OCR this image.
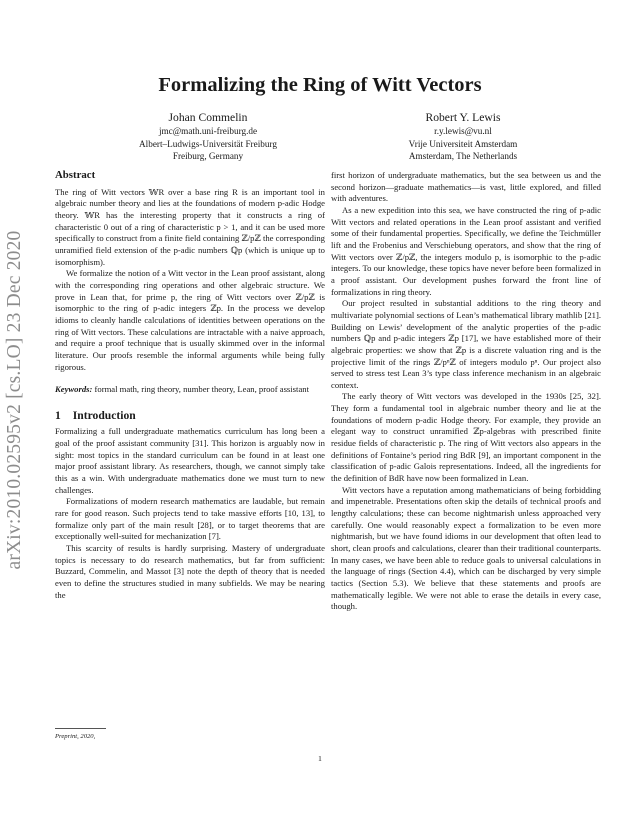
arXiv:2010.02595v2 [cs.LO] 23 Dec 2020
Formalizing the Ring of Witt Vectors
Johan Commelin
jmc@math.uni-freiburg.de
Albert–Ludwigs-Universität Freiburg
Freiburg, Germany
Robert Y. Lewis
r.y.lewis@vu.nl
Vrije Universiteit Amsterdam
Amsterdam, The Netherlands
Abstract

The ring of Witt vectors 𝕎R over a base ring R is an important tool in algebraic number theory and lies at the foundations of modern p-adic Hodge theory. 𝕎R has the interesting property that it constructs a ring of characteristic 0 out of a ring of characteristic p > 1, and it can be used more specifically to construct from a finite field containing ℤ/pℤ the corresponding unramified field extension of the p-adic numbers ℚp (which is unique up to isomorphism).

We formalize the notion of a Witt vector in the Lean proof assistant, along with the corresponding ring operations and other algebraic structure. We prove in Lean that, for prime p, the ring of Witt vectors over ℤ/pℤ is isomorphic to the ring of p-adic integers ℤp. In the process we develop idioms to cleanly handle calculations of identities between operations on the ring of Witt vectors. These calculations are intractable with a naive approach, and require a proof technique that is usually skimmed over in the informal literature. Our proofs resemble the informal arguments while being fully rigorous.

Keywords: formal math, ring theory, number theory, Lean, proof assistant

1 Introduction

Formalizing a full undergraduate mathematics curriculum has long been a goal of the proof assistant community [31]. This horizon is arguably now in sight: most topics in the standard curriculum can be found in at least one major proof assistant library. As researchers, though, we cannot simply take this as a win. With undergraduate mathematics done we must turn to new challenges.

Formalizations of modern research mathematics are laudable, but remain rare for good reason. Such projects tend to take massive efforts [10, 13], to formalize only part of the main result [28], or to target theorems that are exceptionally well-suited for mechanization [7].

This scarcity of results is hardly surprising. Mastery of undergraduate topics is necessary to do research mathematics, but far from sufficient: Buzzard, Commelin, and Massot [3] note the depth of theory that is needed even to define the structures studied in many subfields. We may be nearing the

first horizon of undergraduate mathematics, but the sea between us and the second horizon—graduate mathematics—is vast, little explored, and filled with adventures.

As a new expedition into this sea, we have constructed the ring of p-adic Witt vectors and related operations in the Lean proof assistant and verified some of their fundamental properties. Specifically, we define the Teichmüller lift and the Frobenius and Verschiebung operators, and show that the ring of Witt vectors over ℤ/pℤ, the integers modulo p, is isomorphic to the p-adic integers. To our knowledge, these topics have never before been formalized in a proof assistant. Our development pushes forward the front line of formalizations in ring theory.

Our project resulted in substantial additions to the ring theory and multivariate polynomial sections of Lean’s mathematical library mathlib [21]. Building on Lewis’ development of the analytic properties of the p-adic numbers ℚp and p-adic integers ℤp [17], we have established more of their algebraic properties: we show that ℤp is a discrete valuation ring and is the projective limit of the rings ℤ/pⁿℤ of integers modulo pⁿ. Our project also served to stress test Lean 3’s type class inference mechanism in an algebraic context.

The early theory of Witt vectors was developed in the 1930s [25, 32]. They form a fundamental tool in algebraic number theory and lie at the foundations of modern p-adic Hodge theory. For example, they provide an elegant way to construct unramified ℤp-algebras with prescribed finite residue fields of characteristic p. The ring of Witt vectors also appears in the definitions of Fontaine’s period ring BdR [9], an important component in the classification of p-adic Galois representations. Indeed, all the ingredients for the definition of BdR have now been formalized in Lean.

Witt vectors have a reputation among mathematicians of being forbidding and impenetrable. Presentations often skip the details of technical proofs and lengthy calculations; these can become nightmarish unless approached very carefully. One would reasonably expect a formalization to be even more nightmarish, but we have found idioms in our development that often lead to short, clean proofs and calculations, clearer than their traditional counterparts. In many cases, we have been able to reduce goals to universal calculations in the language of rings (Section 4.4), which can be discharged by very simple tactics (Section 5.3). We believe that these statements and proofs are mathematically legible. We were not able to erase the details in every case, though.

Preprint, 2020,
1
